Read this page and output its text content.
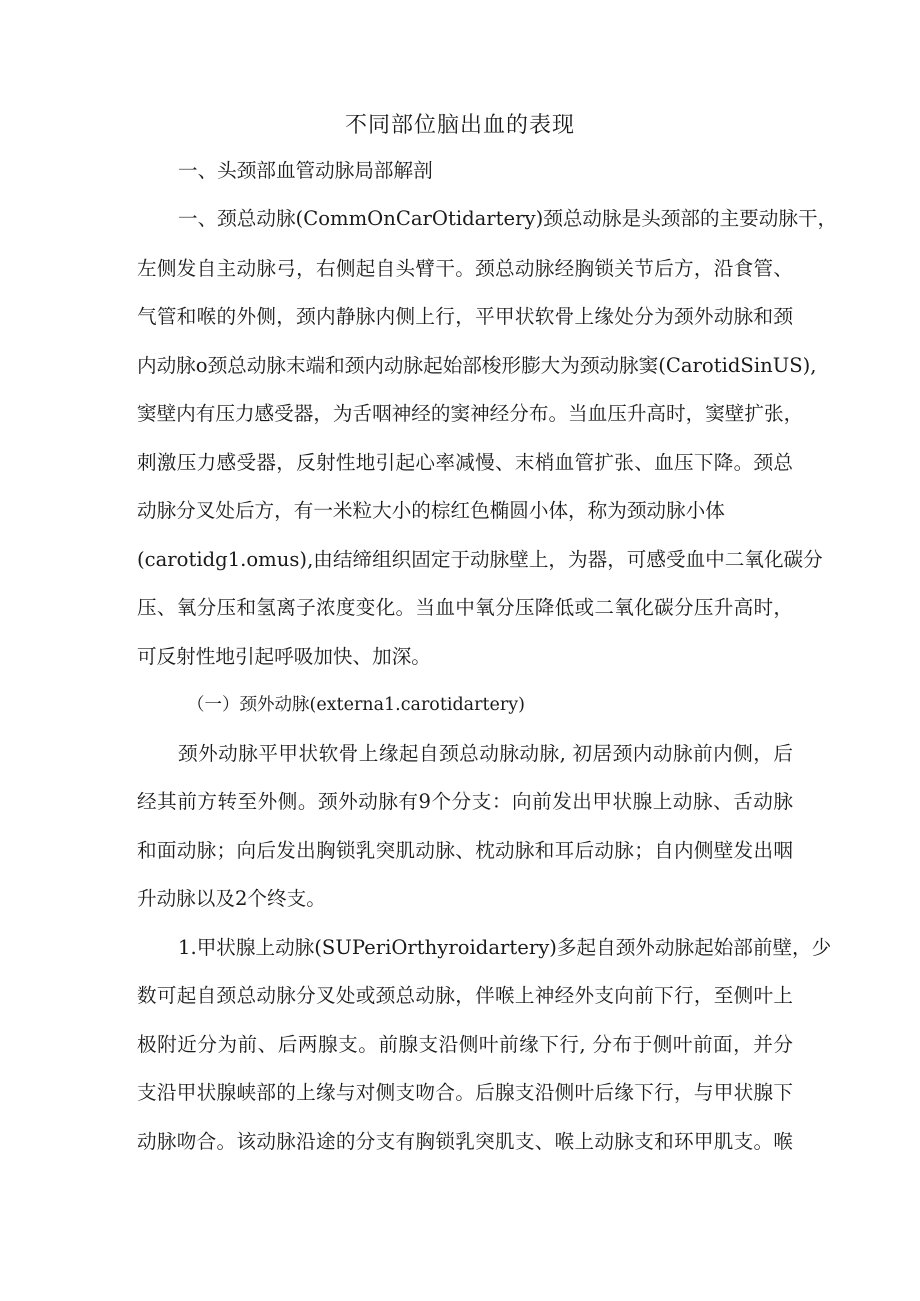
不同部位脑出血的表现
一、头颈部血管动脉局部解剖
一、颈总动脉(CommOnCarOtidartery)颈总动脉是头颈部的主要动脉干，
左侧发自主动脉弓，右侧起自头臂干。颈总动脉经胸锁关节后方，沿食管、
气管和喉的外侧，颈内静脉内侧上行，平甲状软骨上缘处分为颈外动脉和颈
内动脉o颈总动脉末端和颈内动脉起始部梭形膨大为颈动脉窦(CarotidSinUS),
窦壁内有压力感受器，为舌咽神经的窦神经分布。当血压升高时，窦壁扩张，
刺激压力感受器，反射性地引起心率减慢、末梢血管扩张、血压下降。颈总
动脉分叉处后方，有一米粒大小的棕红色椭圆小体，称为颈动脉小体
(carotidg1.omus),由结缔组织固定于动脉壁上，为器，可感受血中二氧化碳分
压、氧分压和氢离子浓度变化。当血中氧分压降低或二氧化碳分压升高时，
可反射性地引起呼吸加快、加深。
（一）颈外动脉(externa1.carotidartery)
颈外动脉平甲状软骨上缘起自颈总动脉动脉, 初居颈内动脉前内侧，后
经其前方转至外侧。颈外动脉有9个分支：向前发出甲状腺上动脉、舌动脉
和面动脉；向后发出胸锁乳突肌动脉、枕动脉和耳后动脉；自内侧壁发出咽
升动脉以及2个终支。
1.甲状腺上动脉(SUPeriOrthyroidartery)多起自颈外动脉起始部前壁，少
数可起自颈总动脉分叉处或颈总动脉，伴喉上神经外支向前下行，至侧叶上
极附近分为前、后两腺支。前腺支沿侧叶前缘下行, 分布于侧叶前面，并分
支沿甲状腺峡部的上缘与对侧支吻合。后腺支沿侧叶后缘下行，与甲状腺下
动脉吻合。该动脉沿途的分支有胸锁乳突肌支、喉上动脉支和环甲肌支。喉
